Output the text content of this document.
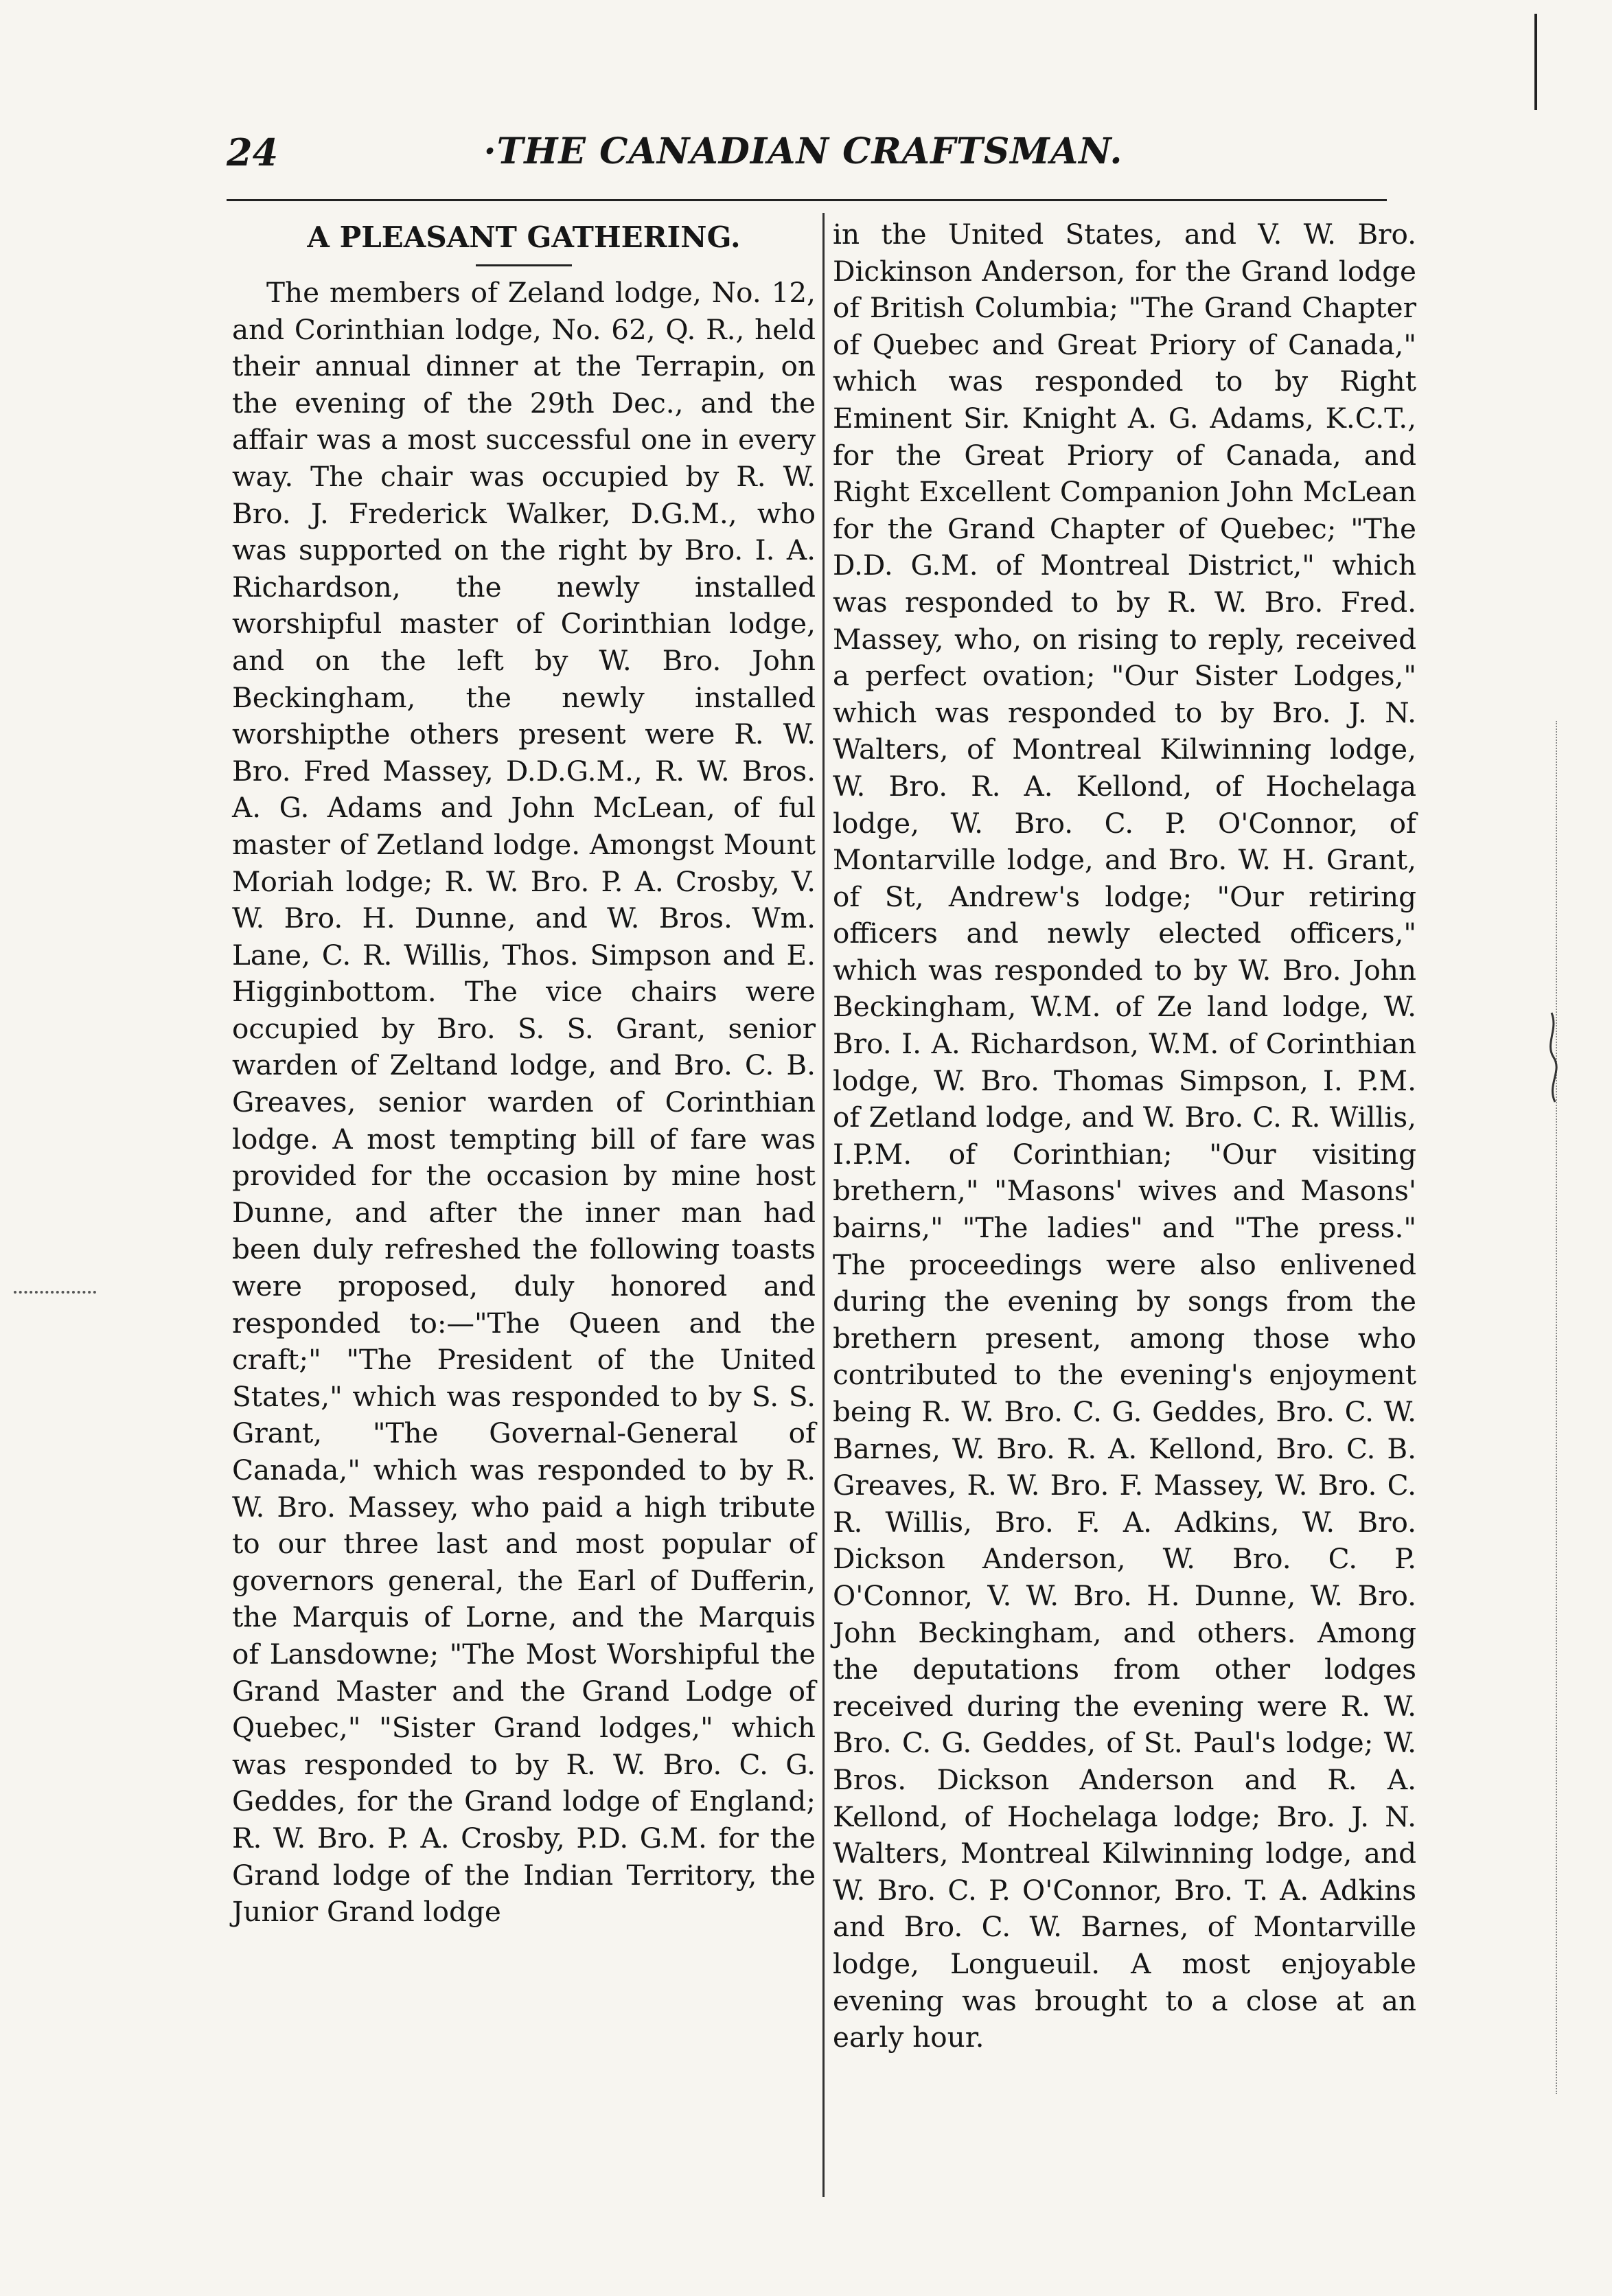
24	·THE CANADIAN CRAFTSMAN.
A PLEASANT GATHERING.

The members of Zeland lodge, No. 12, and Corinthian lodge, No. 62, Q. R., held their annual dinner at the Terrapin, on the evening of the 29th Dec., and the affair was a most successful one in every way. The chair was occupied by R. W. Bro. J. Frederick Walker, D.G.M., who was supported on the right by Bro. I. A. Richardson, the newly installed worshipful master of Corinthian lodge, and on the left by W. Bro. John Beckingham, the newly installed worshipthe others present were R. W. Bro. Fred Massey, D.D.G.M., R. W. Bros. A. G. Adams and John McLean, of ful master of Zetland lodge. Amongst Mount Moriah lodge; R. W. Bro. P. A. Crosby, V. W. Bro. H. Dunne, and W. Bros. Wm. Lane, C. R. Willis, Thos. Simpson and E. Higginbottom. The vice chairs were occupied by Bro. S. S. Grant, senior warden of Zeltand lodge, and Bro. C. B. Greaves, senior warden of Corinthian lodge. A most tempting bill of fare was provided for the occasion by mine host Dunne, and after the inner man had been duly refreshed the following toasts were proposed, duly honored and responded to:—"The Queen and the craft;" "The President of the United States," which was responded to by S. S. Grant, "The Governal-General of Canada," which was responded to by R. W. Bro. Massey, who paid a high tribute to our three last and most popular of governors general, the Earl of Dufferin, the Marquis of Lorne, and the Marquis of Lansdowne; "The Most Worshipful the Grand Master and the Grand Lodge of Quebec," "Sister Grand lodges," which was responded to by R. W. Bro. C. G. Geddes, for the Grand lodge of England; R. W. Bro. P. A. Crosby, P.D. G.M. for the Grand lodge of the Indian Territory, the Junior Grand lodge

in the United States, and V. W. Bro. Dickinson Anderson, for the Grand lodge of British Columbia; "The Grand Chapter of Quebec and Great Priory of Canada," which was responded to by Right Eminent Sir. Knight A. G. Adams, K.C.T., for the Great Priory of Canada, and Right Excellent Companion John McLean for the Grand Chapter of Quebec; "The D.D. G.M. of Montreal District," which was responded to by R. W. Bro. Fred. Massey, who, on rising to reply, received a perfect ovation; "Our Sister Lodges," which was responded to by Bro. J. N. Walters, of Montreal Kilwinning lodge, W. Bro. R. A. Kellond, of Hochelaga lodge, W. Bro. C. P. O'Connor, of Montarville lodge, and Bro. W. H. Grant, of St, Andrew's lodge; "Our retiring officers and newly elected officers," which was responded to by W. Bro. John Beckingham, W.M. of Ze land lodge, W. Bro. I. A. Richardson, W.M. of Corinthian lodge, W. Bro. Thomas Simpson, I. P.M. of Zetland lodge, and W. Bro. C. R. Willis, I.P.M. of Corinthian; "Our visiting brethern," "Masons' wives and Masons' bairns," "The ladies" and "The press." The proceedings were also enlivened during the evening by songs from the brethern present, among those who contributed to the evening's enjoyment being R. W. Bro. C. G. Geddes, Bro. C. W. Barnes, W. Bro. R. A. Kellond, Bro. C. B. Greaves, R. W. Bro. F. Massey, W. Bro. C. R. Willis, Bro. F. A. Adkins, W. Bro. Dickson Anderson, W. Bro. C. P. O'Connor, V. W. Bro. H. Dunne, W. Bro. John Beckingham, and others. Among the deputations from other lodges received during the evening were R. W. Bro. C. G. Geddes, of St. Paul's lodge; W. Bros. Dickson Anderson and R. A. Kellond, of Hochelaga lodge; Bro. J. N. Walters, Montreal Kilwinning lodge, and W. Bro. C. P. O'Connor, Bro. T. A. Adkins and Bro. C. W. Barnes, of Montarville lodge, Longueuil. A most enjoyable evening was brought to a close at an early hour.
